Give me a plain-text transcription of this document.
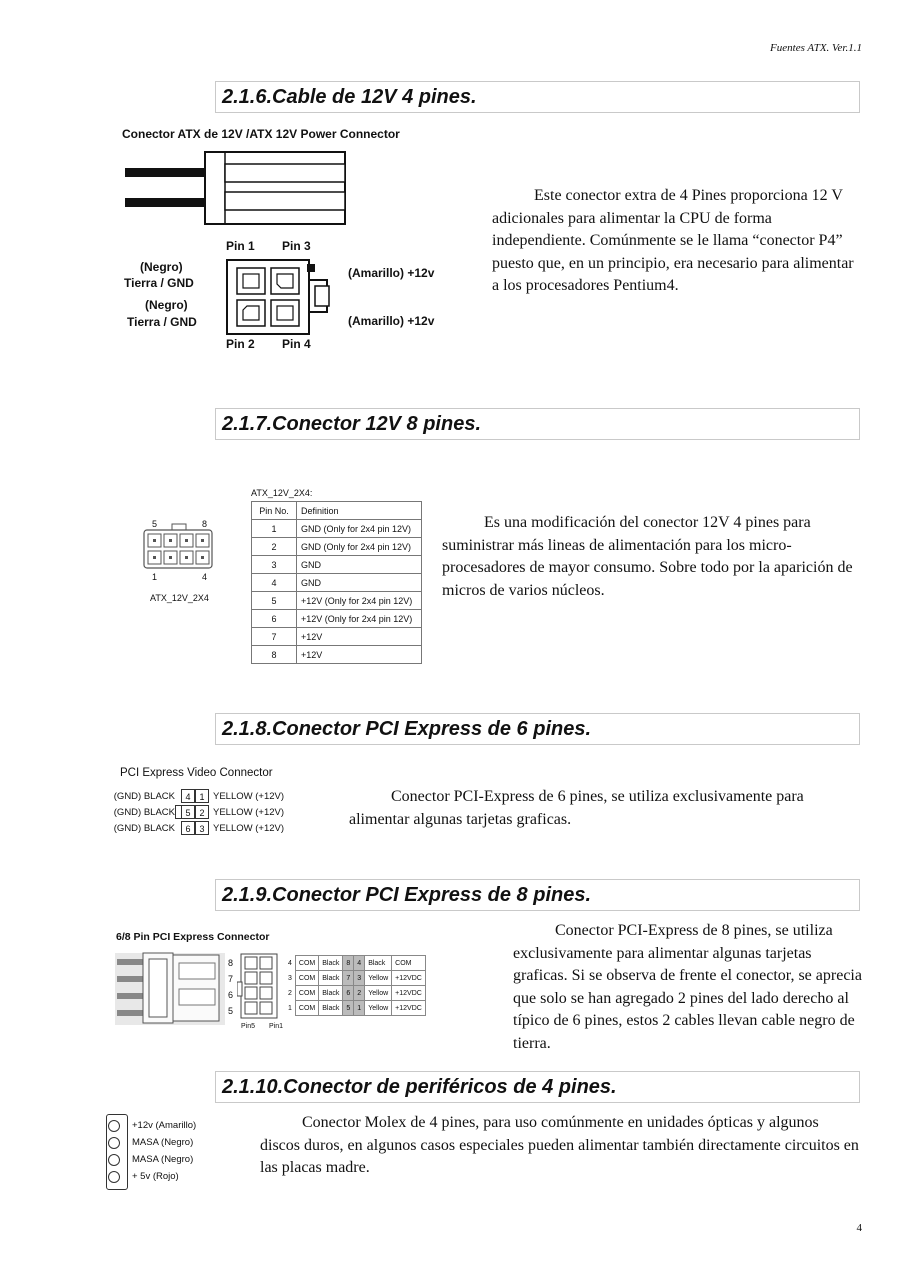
Fuentes ATX. Ver.1.1
4
2.1.6.Cable de 12V 4 pines.
Conector ATX de 12V /ATX 12V Power Connector
Pin 1 Pin 3
(Negro)
Tierra / GND
(Negro)
Tierra / GND
(Amarillo) +12v
(Amarillo) +12v
Pin 2 Pin 4
Este conector extra de 4 Pines proporciona 12 V adicionales para alimentar la CPU de forma independiente. Comúnmente se le llama “conector P4” puesto que, en un principio, era necesario para alimentar a los procesadores Pentium4.
2.1.7.Conector 12V 8 pines.
5	8
1	4
ATX_12V_2X4
ATX_12V_2X4:
Pin No.	Definition
1	GND (Only for 2x4 pin 12V)
2	GND (Only for 2x4 pin 12V)
3	GND
4	GND
5	+12V (Only for 2x4 pin 12V)
6	+12V (Only for 2x4 pin 12V)
7	+12V
8	+12V
Es una modificación del conector 12V 4 pines para suministrar más lineas de alimentación para los micro-procesadores de mayor consumo. Sobre todo por la aparición de micros de varios núcleos.
2.1.8.Conector PCI Express de 6 pines.
PCI Express Video Connector
(GND) BLACK	4 1 YELLOW (+12V)
(GND) BLACK	5 2 YELLOW (+12V)
(GND) BLACK	6 3 YELLOW (+12V)
Conector PCI-Express de 6 pines, se utiliza exclusivamente para alimentar algunas tarjetas graficas.
2.1.9.Conector PCI Express de 8 pines.
6/8 Pin PCI Express Connector
8
7
6
5
4	COM	Black	8	4	Black	COM
3	COM	Black	7	3	Yellow	+12VDC
2	COM	Black	6	2	Yellow	+12VDC
1	COM	Black	5	1	Yellow	+12VDC
Pin5 Pin1
Conector PCI-Express de 8 pines, se utiliza exclusivamente para alimentar algunas tarjetas graficas. Si se observa de frente el conector, se aprecia que solo se han agregado 2 pines del lado derecho al típico de 6 pines, estos 2 cables llevan cable negro de tierra.
2.1.10.Conector de periféricos de 4 pines.
+12v (Amarillo)
MASA (Negro)
MASA (Negro)
+ 5v (Rojo)
Conector Molex de 4 pines, para uso comúnmente en unidades ópticas y algunos discos duros, en algunos casos especiales pueden alimentar también directamente circuitos en las placas madre.
